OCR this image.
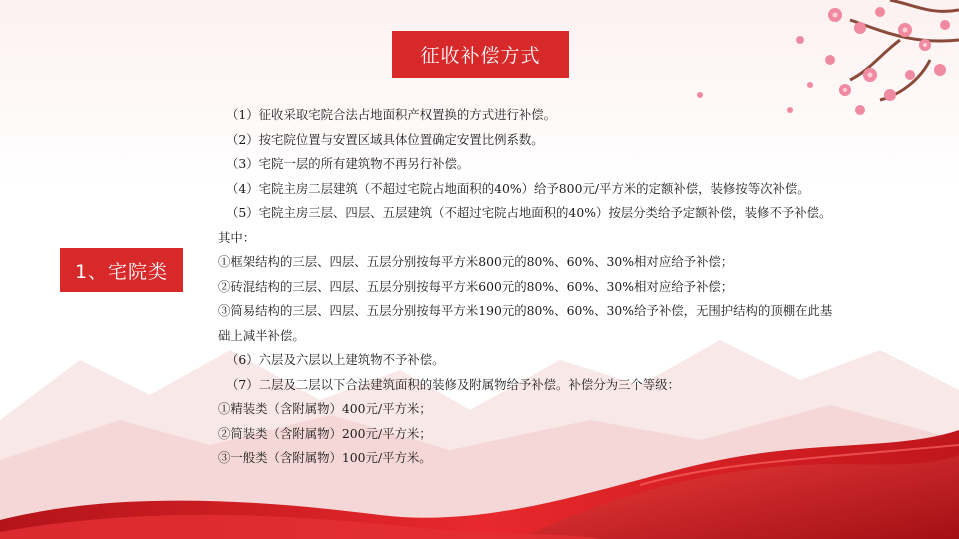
征收补偿方式
1、宅院类

（1）征收采取宅院合法占地面积产权置换的方式进行补偿。

（2）按宅院位置与安置区域具体位置确定安置比例系数。

（3）宅院一层的所有建筑物不再另行补偿。

（4）宅院主房二层建筑（不超过宅院占地面积的40%）给予800元/平方米的定额补偿，装修按等次补偿。

（5）宅院主房三层、四层、五层建筑（不超过宅院占地面积的40%）按层分类给予定额补偿，装修不予补偿。

其中：

①框架结构的三层、四层、五层分别按每平方米800元的80%、60%、30%相对应给予补偿；

②砖混结构的三层、四层、五层分别按每平方米600元的80%、60%、30%相对应给予补偿；

③简易结构的三层、四层、五层分别按每平方米190元的80%、60%、30%给予补偿，无围护结构的顶棚在此基

础上减半补偿。

（6）六层及六层以上建筑物不予补偿。

（7）二层及二层以下合法建筑面积的装修及附属物给予补偿。补偿分为三个等级：

①精装类（含附属物）400元/平方米；

②简装类（含附属物）200元/平方米；

③一般类（含附属物）100元/平方米。
